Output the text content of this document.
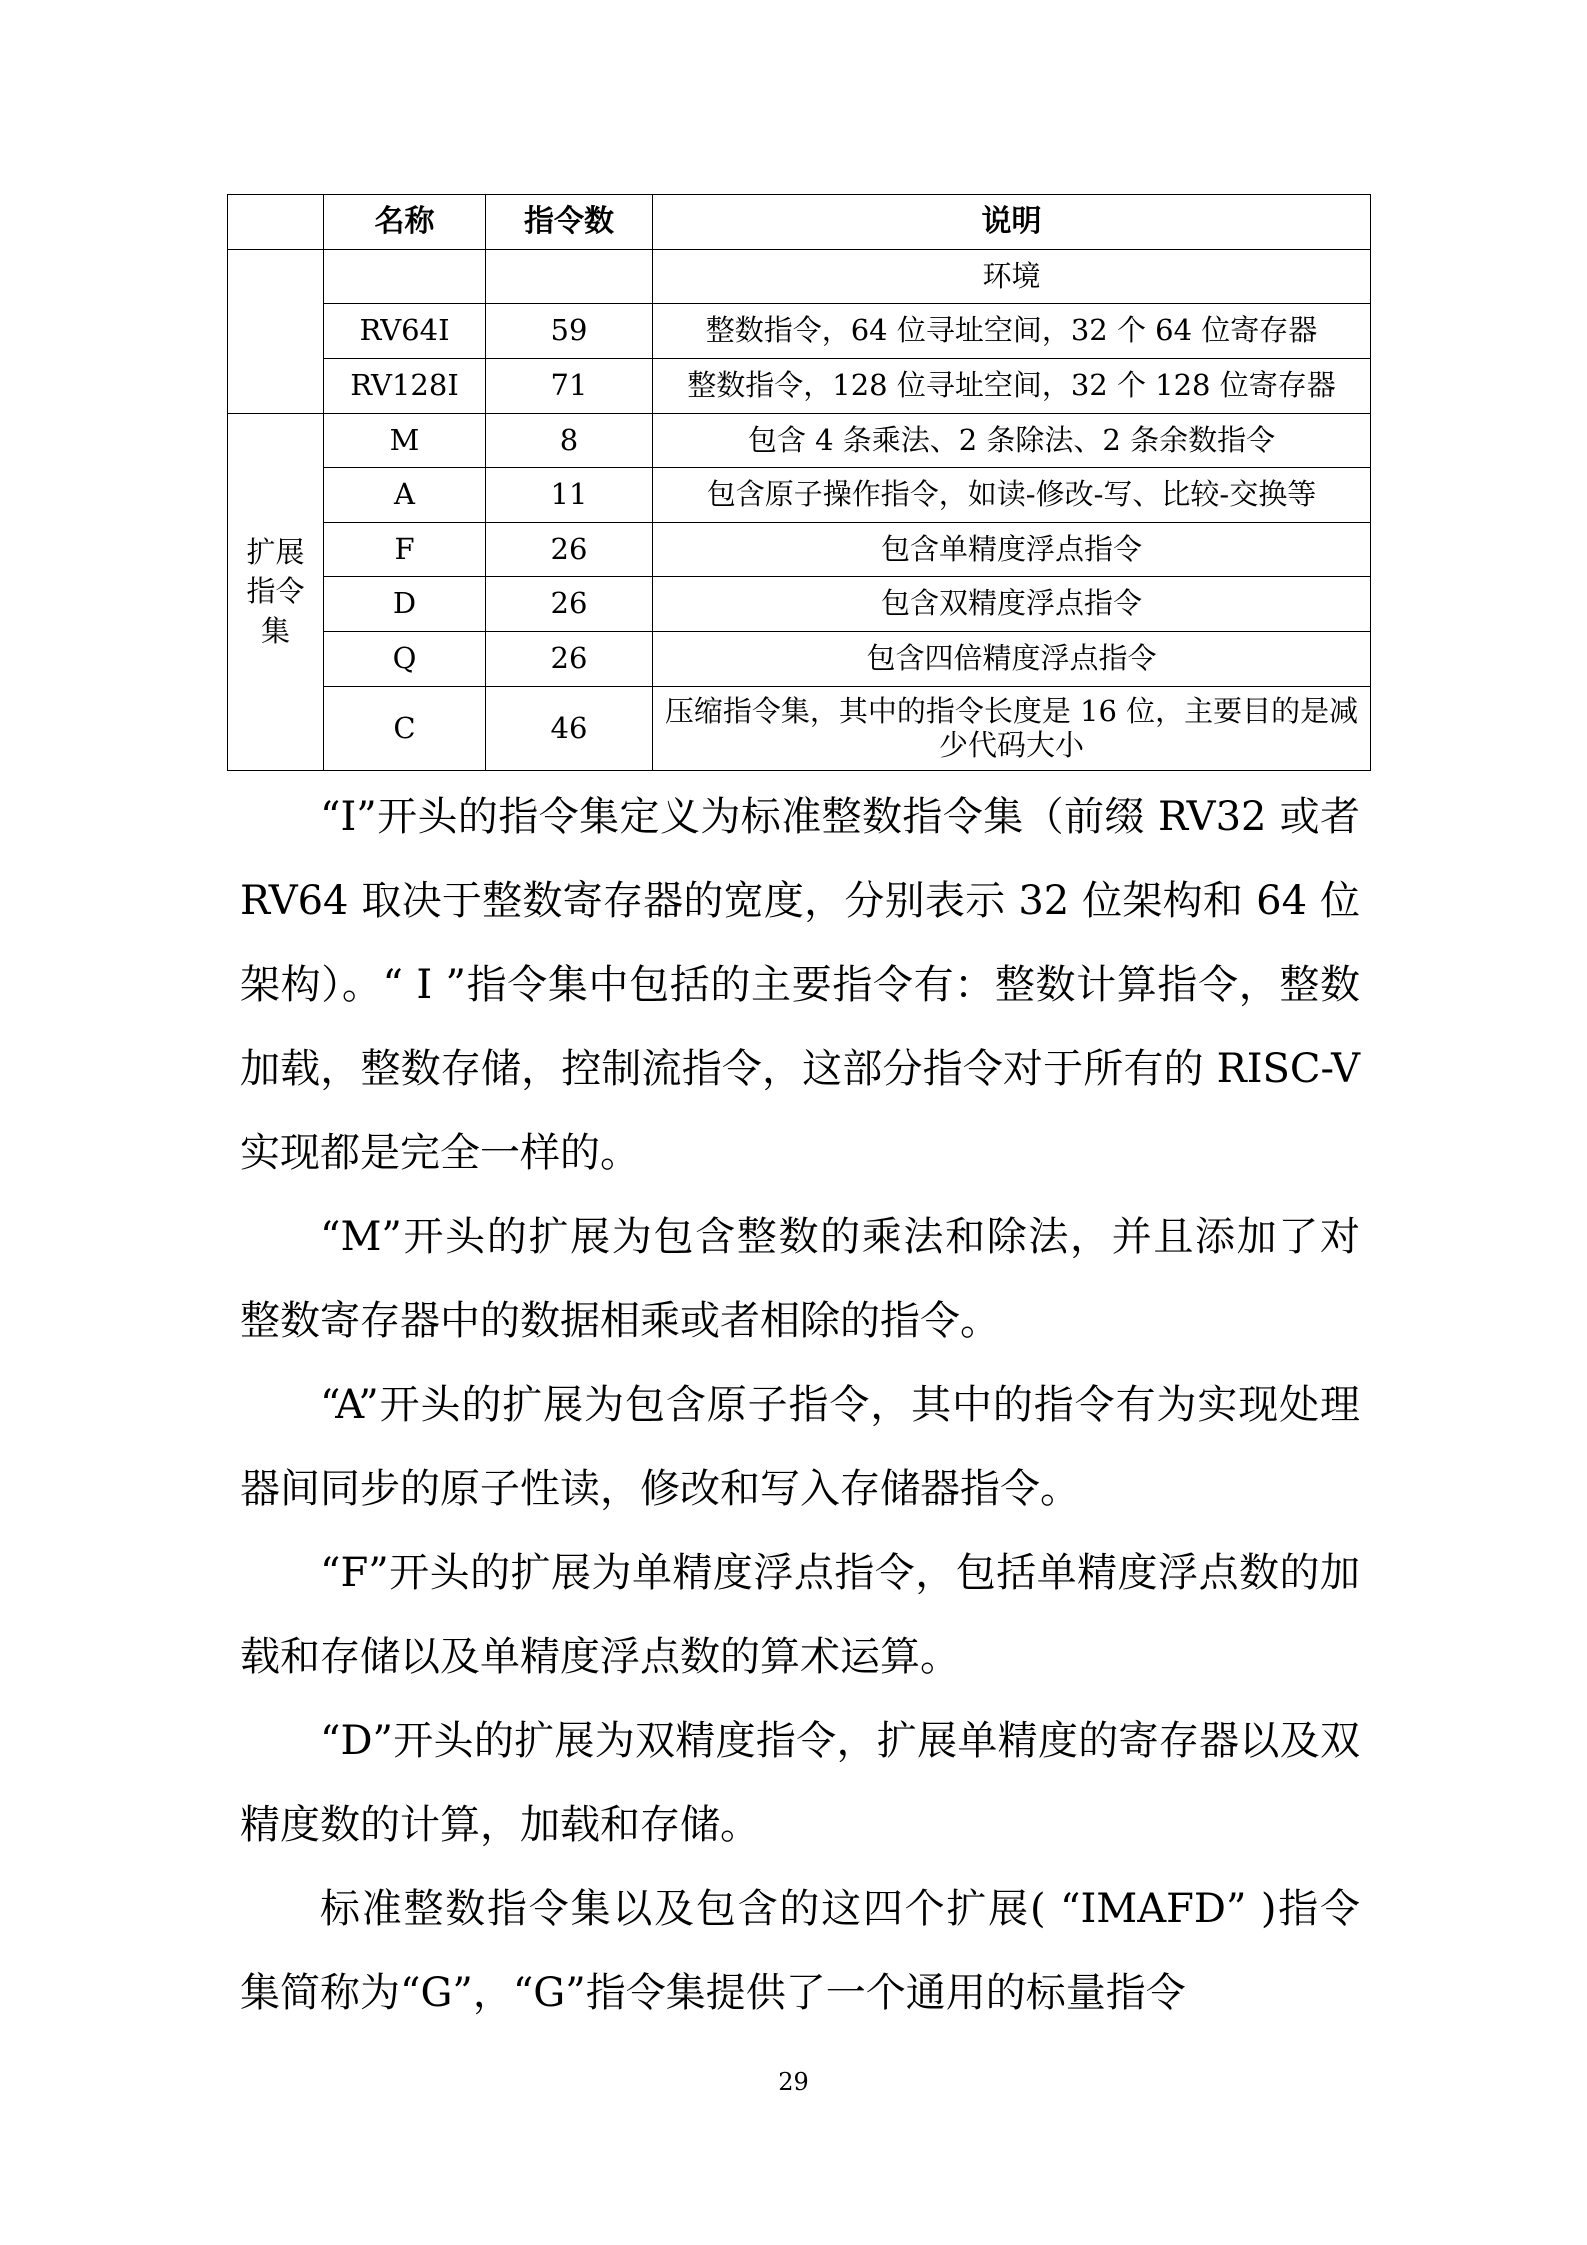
	名称	指令数	说明
			环境
	RV64I	59	整数指令，64 位寻址空间，32 个 64 位寄存器
	RV128I	71	整数指令，128 位寻址空间，32 个 128 位寄存器
扩展指令集	M	8	包含 4 条乘法、2 条除法、2 条余数指令
	A	11	包含原子操作指令，如读-修改-写、比较-交换等
	F	26	包含单精度浮点指令
	D	26	包含双精度浮点指令
	Q	26	包含四倍精度浮点指令
	C	46	压缩指令集，其中的指令长度是 16 位，主要目的是减少代码大小

“I”开头的指令集定义为标准整数指令集（前缀 RV32 或者 RV64 取决于整数寄存器的宽度，分别表示 32 位架构和 64 位架构）。“ I ”指令集中包括的主要指令有：整数计算指令，整数加载，整数存储，控制流指令，这部分指令对于所有的 RISC-V 实现都是完全一样的。

“M”开头的扩展为包含整数的乘法和除法，并且添加了对整数寄存器中的数据相乘或者相除的指令。

“A”开头的扩展为包含原子指令，其中的指令有为实现处理器间同步的原子性读，修改和写入存储器指令。

“F”开头的扩展为单精度浮点指令，包括单精度浮点数的加载和存储以及单精度浮点数的算术运算。

“D”开头的扩展为双精度指令，扩展单精度的寄存器以及双精度数的计算，加载和存储。

标准整数指令集以及包含的这四个扩展( “IMAFD” )指令集简称为“G”，“G”指令集提供了一个通用的标量指令

29
